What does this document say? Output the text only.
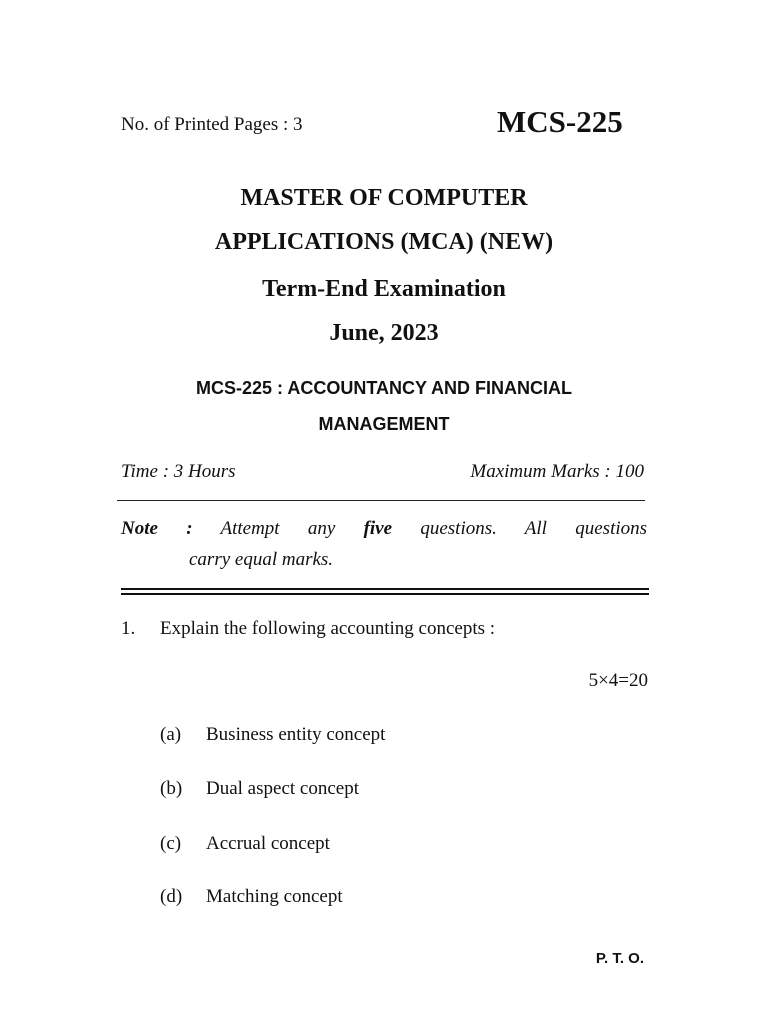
No. of Printed Pages : 3	MCS-225
MASTER OF COMPUTER
APPLICATIONS (MCA) (NEW)
Term-End Examination
June, 2023
MCS-225 : ACCOUNTANCY AND FINANCIAL
MANAGEMENT
Time : 3 Hours	Maximum Marks : 100
Note : Attempt any five questions. All questions
carry equal marks.
1. Explain the following accounting concepts :
5×4=20
(a) Business entity concept
(b) Dual aspect concept
(c) Accrual concept
(d) Matching concept
P. T. O.
